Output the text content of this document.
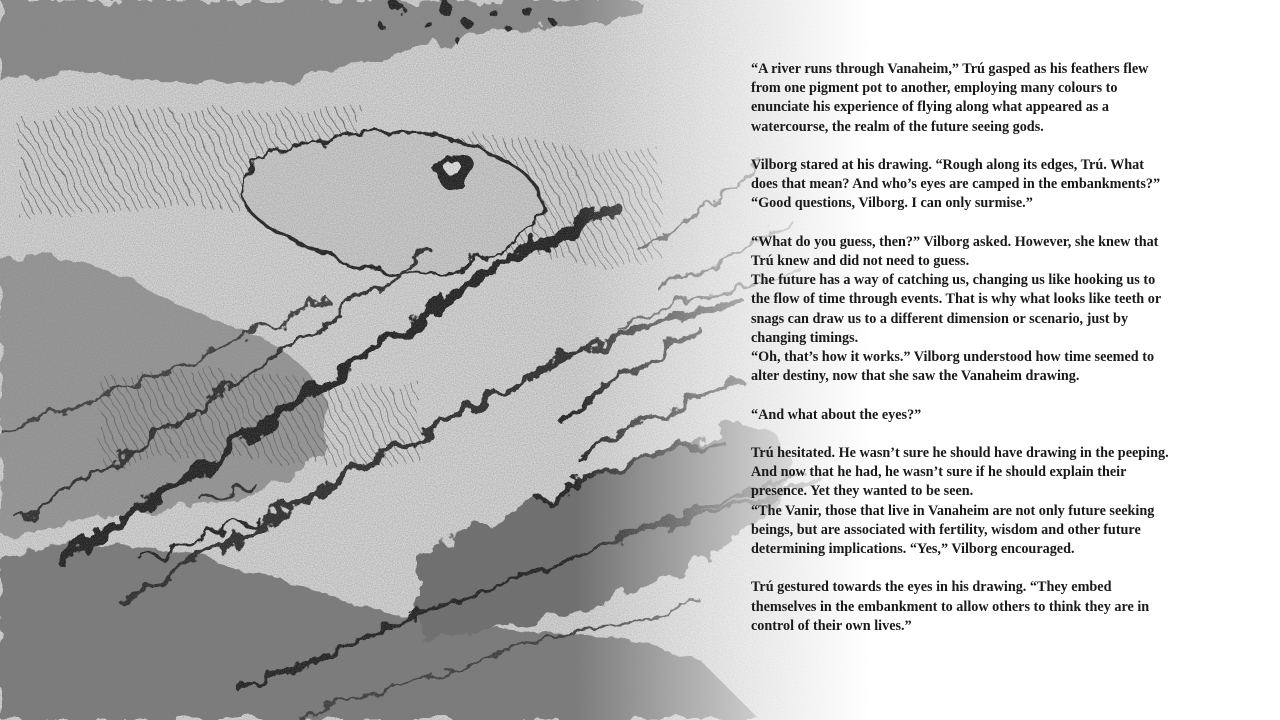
“A river runs through Vanaheim,” Trú gasped as his feathers flew
from one pigment pot to another, employing many colours to
enunciate his experience of flying along what appeared as a
watercourse, the realm of the future seeing gods.

Vilborg stared at his drawing. “Rough along its edges, Trú. What
does that mean? And who’s eyes are camped in the embankments?”

“Good questions, Vilborg. I can only surmise.”

“What do you guess, then?” Vilborg asked. However, she knew that
Trú knew and did not need to guess.

The future has a way of catching us, changing us like hooking us to
the flow of time through events. That is why what looks like teeth or
snags can draw us to a different dimension or scenario, just by
changing timings.

“Oh, that’s how it works.” Vilborg understood how time seemed to
alter destiny, now that she saw the Vanaheim drawing.

“And what about the eyes?”

Trú hesitated. He wasn’t sure he should have drawing in the peeping.
And now that he had, he wasn’t sure if he should explain their
presence. Yet they wanted to be seen.

“The Vanir, those that live in Vanaheim are not only future seeking
beings, but are associated with fertility, wisdom and other future
determining implications. “Yes,” Vilborg encouraged.

Trú gestured towards the eyes in his drawing. “They embed
themselves in the embankment to allow others to think they are in
control of their own lives.”
